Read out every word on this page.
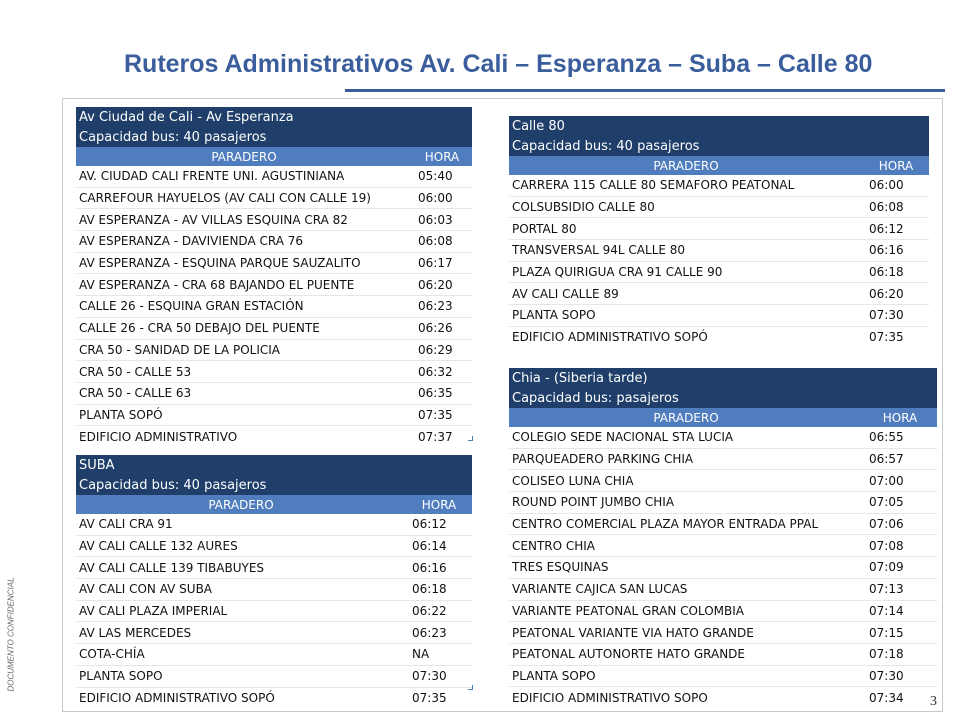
Ruteros Administrativos Av. Cali – Esperanza – Suba – Calle 80
DOCUMENTO CONFIDENCIAL
3
Av Ciudad de Cali - Av Esperanza	
Capacidad bus: 40 pasajeros	
PARADERO	HORA
AV. CIUDAD CALI FRENTE UNI. AGUSTINIANA	05:40
CARREFOUR HAYUELOS (AV CALI CON CALLE 19)	06:00
AV ESPERANZA - AV VILLAS ESQUINA CRA 82	06:03
AV ESPERANZA - DAVIVIENDA CRA 76	06:08
AV ESPERANZA - ESQUINA PARQUE SAUZALITO	06:17
AV ESPERANZA - CRA 68 BAJANDO EL PUENTE	06:20
CALLE 26 - ESQUINA GRAN ESTACIÓN	06:23
CALLE 26 - CRA 50 DEBAJO DEL PUENTE	06:26
CRA 50 - SANIDAD DE LA POLICIA	06:29
CRA 50 - CALLE 53	06:32
CRA 50 - CALLE 63	06:35
PLANTA SOPÓ	07:35
EDIFICIO ADMINISTRATIVO	07:37
SUBA	
Capacidad bus: 40 pasajeros	
PARADERO	HORA
AV CALI CRA 91	06:12
AV CALI CALLE 132 AURES	06:14
AV CALI CALLE 139 TIBABUYES	06:16
AV CALI CON AV SUBA	06:18
AV CALI PLAZA IMPERIAL	06:22
AV LAS MERCEDES	06:23
COTA-CHÍA	NA
PLANTA SOPO	07:30
EDIFICIO ADMINISTRATIVO SOPÓ	07:35
Calle 80	
Capacidad bus: 40 pasajeros	
PARADERO	HORA
CARRERA 115 CALLE 80 SEMAFORO PEATONAL	06:00
COLSUBSIDIO CALLE 80	06:08
PORTAL 80	06:12
TRANSVERSAL 94L CALLE 80	06:16
PLAZA QUIRIGUA CRA 91 CALLE 90	06:18
AV CALI CALLE 89	06:20
PLANTA SOPO	07:30
EDIFICIO ADMINISTRATIVO SOPÓ	07:35
Chia - (Siberia tarde)	
Capacidad bus: pasajeros	
PARADERO	HORA
COLEGIO SEDE NACIONAL STA LUCIA	06:55
PARQUEADERO PARKING CHIA	06:57
COLISEO LUNA CHIA	07:00
ROUND POINT JUMBO CHIA	07:05
CENTRO COMERCIAL PLAZA MAYOR ENTRADA PPAL	07:06
CENTRO CHIA	07:08
TRES ESQUINAS	07:09
VARIANTE CAJICA SAN LUCAS	07:13
VARIANTE PEATONAL GRAN COLOMBIA	07:14
PEATONAL VARIANTE VIA HATO GRANDE	07:15
PEATONAL AUTONORTE HATO GRANDE	07:18
PLANTA SOPO	07:30
EDIFICIO ADMINISTRATIVO SOPO	07:34
